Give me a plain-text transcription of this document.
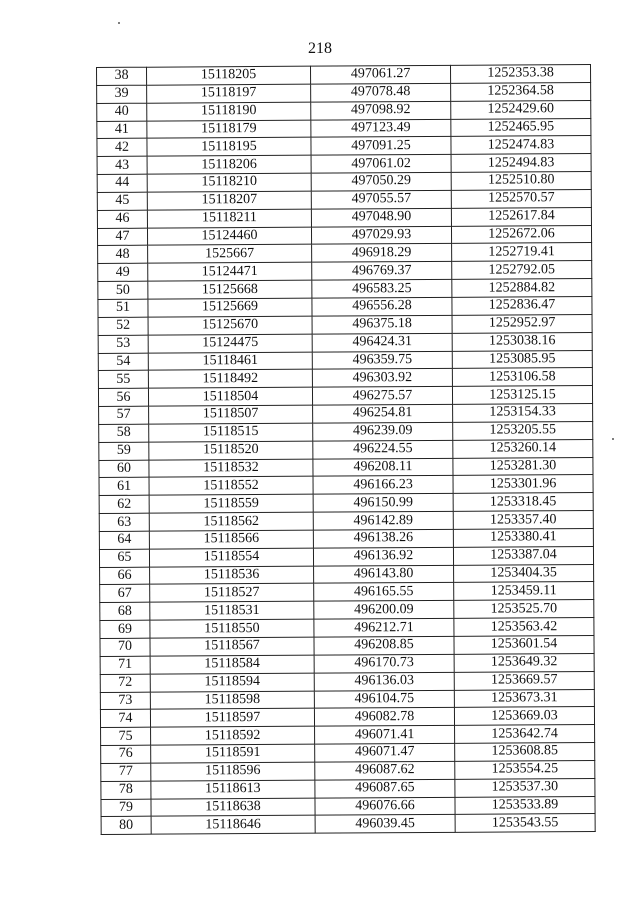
218
38	15118205	497061.27	1252353.38
39	15118197	497078.48	1252364.58
40	15118190	497098.92	1252429.60
41	15118179	497123.49	1252465.95
42	15118195	497091.25	1252474.83
43	15118206	497061.02	1252494.83
44	15118210	497050.29	1252510.80
45	15118207	497055.57	1252570.57
46	15118211	497048.90	1252617.84
47	15124460	497029.93	1252672.06
48	1525667	496918.29	1252719.41
49	15124471	496769.37	1252792.05
50	15125668	496583.25	1252884.82
51	15125669	496556.28	1252836.47
52	15125670	496375.18	1252952.97
53	15124475	496424.31	1253038.16
54	15118461	496359.75	1253085.95
55	15118492	496303.92	1253106.58
56	15118504	496275.57	1253125.15
57	15118507	496254.81	1253154.33
58	15118515	496239.09	1253205.55
59	15118520	496224.55	1253260.14
60	15118532	496208.11	1253281.30
61	15118552	496166.23	1253301.96
62	15118559	496150.99	1253318.45
63	15118562	496142.89	1253357.40
64	15118566	496138.26	1253380.41
65	15118554	496136.92	1253387.04
66	15118536	496143.80	1253404.35
67	15118527	496165.55	1253459.11
68	15118531	496200.09	1253525.70
69	15118550	496212.71	1253563.42
70	15118567	496208.85	1253601.54
71	15118584	496170.73	1253649.32
72	15118594	496136.03	1253669.57
73	15118598	496104.75	1253673.31
74	15118597	496082.78	1253669.03
75	15118592	496071.41	1253642.74
76	15118591	496071.47	1253608.85
77	15118596	496087.62	1253554.25
78	15118613	496087.65	1253537.30
79	15118638	496076.66	1253533.89
80	15118646	496039.45	1253543.55
